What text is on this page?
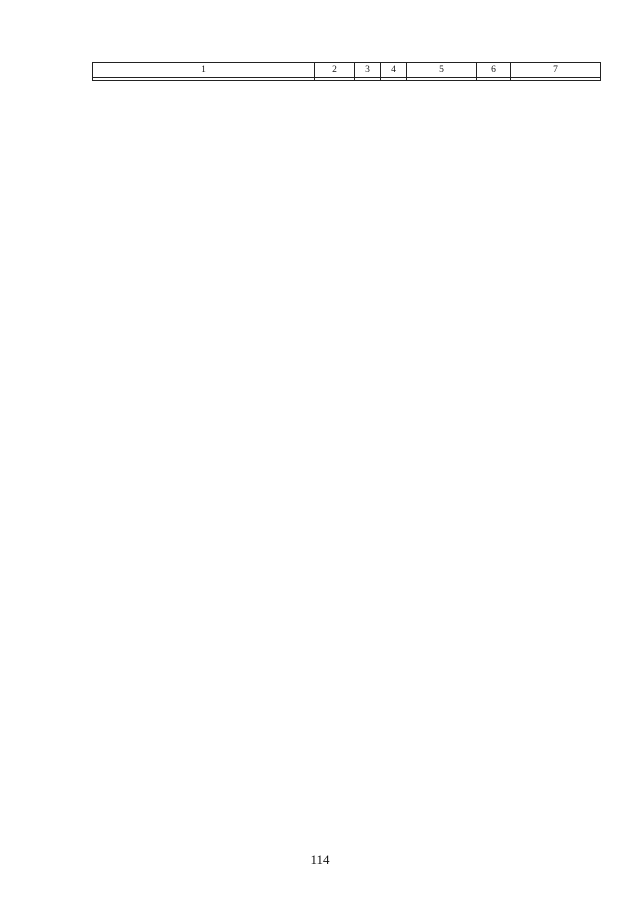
1	2	3	4	5	6	7

114
